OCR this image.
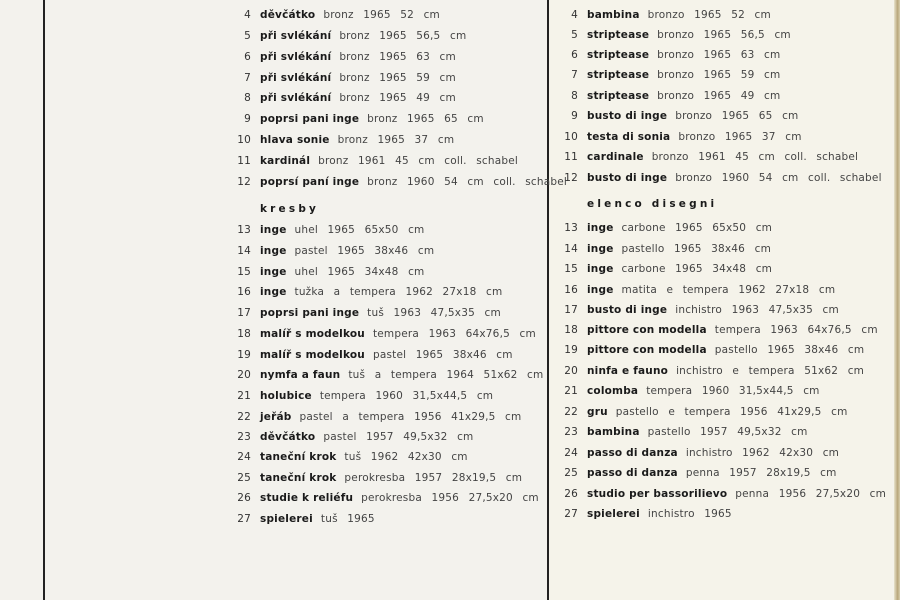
4 děvčátko bronz 1965 52 cm
5 při svlékání bronz 1965 56,5 cm
6 při svlékání bronz 1965 63 cm
7 při svlékání bronz 1965 59 cm
8 při svlékání bronz 1965 49 cm
9 poprsi pani inge bronz 1965 65 cm
10 hlava sonie bronz 1965 37 cm
11 kardinál bronz 1961 45 cm coll. schabel
12 poprsí paní inge bronz 1960 54 cm coll. schabel
kresby
13 inge uhel 1965 65x50 cm
14 inge pastel 1965 38x46 cm
15 inge uhel 1965 34x48 cm
16 inge tužka a tempera 1962 27x18 cm
17 poprsi pani inge tuš 1963 47,5x35 cm
18 malíř s modelkou tempera 1963 64x76,5 cm
19 malíř s modelkou pastel 1965 38x46 cm
20 nymfa a faun tuš a tempera 1964 51x62 cm
21 holubice tempera 1960 31,5x44,5 cm
22 jeřáb pastel a tempera 1956 41x29,5 cm
23 děvčátko pastel 1957 49,5x32 cm
24 taneční krok tuš 1962 42x30 cm
25 taneční krok perokresba 1957 28x19,5 cm
26 studie k reliéfu perokresba 1956 27,5x20 cm
27 spielerei tuš 1965
4 bambina bronzo 1965 52 cm
5 striptease bronzo 1965 56,5 cm
6 striptease bronzo 1965 63 cm
7 striptease bronzo 1965 59 cm
8 striptease bronzo 1965 49 cm
9 busto di inge bronzo 1965 65 cm
10 testa di sonia bronzo 1965 37 cm
11 cardinale bronzo 1961 45 cm coll. schabel
12 busto di inge bronzo 1960 54 cm coll. schabel
elenco disegni
13 inge carbone 1965 65x50 cm
14 inge pastello 1965 38x46 cm
15 inge carbone 1965 34x48 cm
16 inge matita e tempera 1962 27x18 cm
17 busto di inge inchistro 1963 47,5x35 cm
18 pittore con modella tempera 1963 64x76,5 cm
19 pittore con modella pastello 1965 38x46 cm
20 ninfa e fauno inchistro e tempera 51x62 cm
21 colomba tempera 1960 31,5x44,5 cm
22 gru pastello e tempera 1956 41x29,5 cm
23 bambina pastello 1957 49,5x32 cm
24 passo di danza inchistro 1962 42x30 cm
25 passo di danza penna 1957 28x19,5 cm
26 studio per bassorilievo penna 1956 27,5x20 cm
27 spielerei inchistro 1965
